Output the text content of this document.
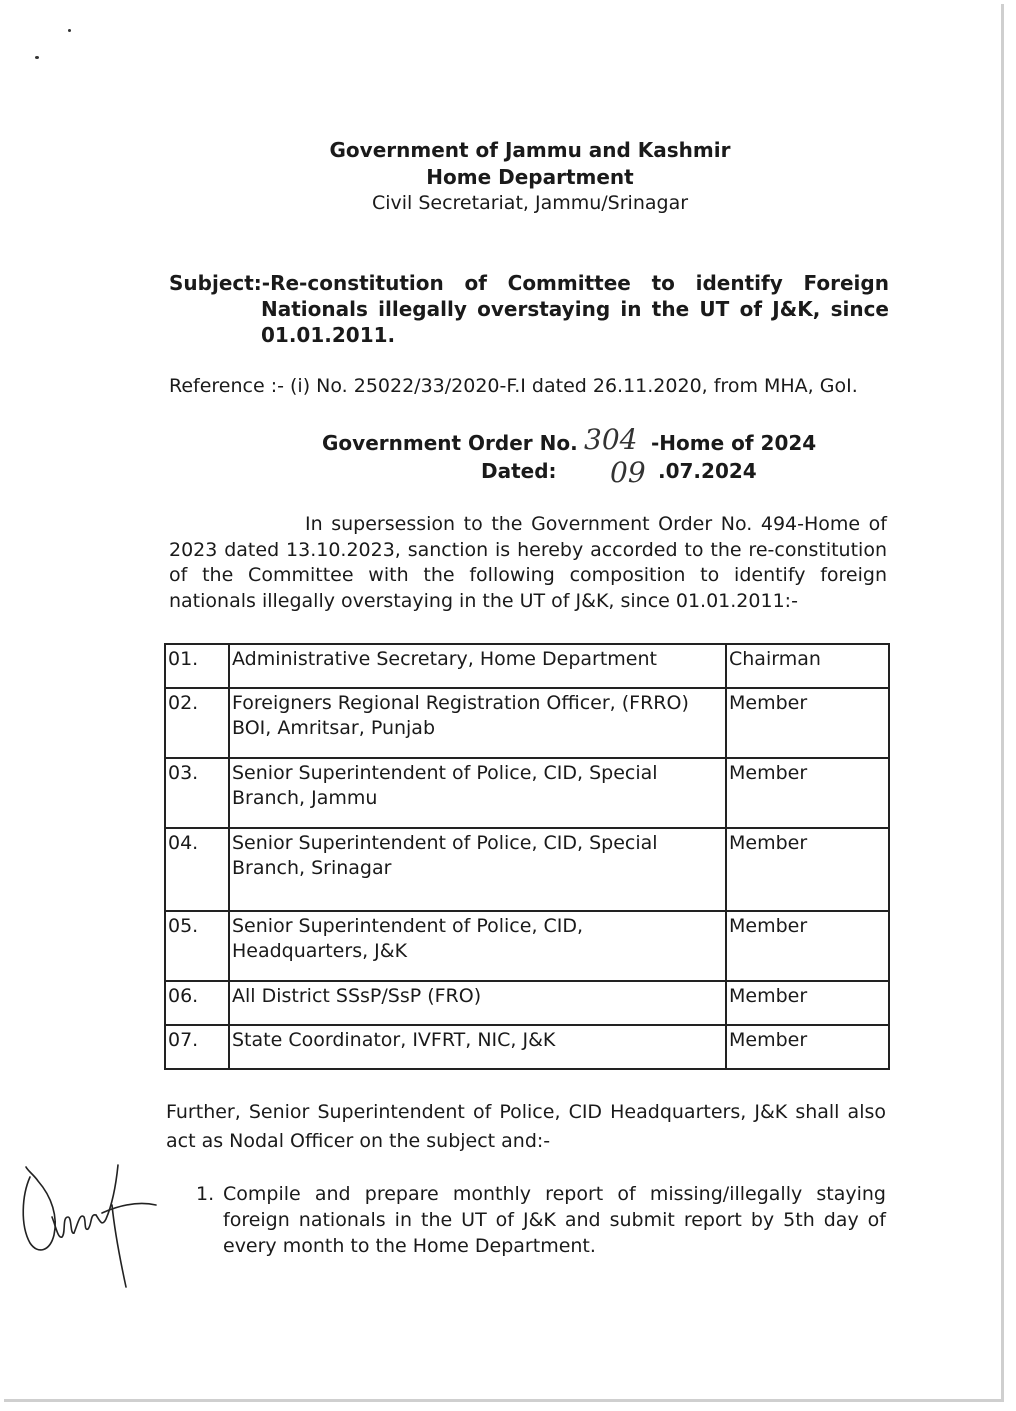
Government of Jammu and Kashmir
Home Department
Civil Secretariat, Jammu/Srinagar
Subject:-Re-constitution of Committee to identify Foreign
Nationals illegally overstaying in the UT of J&K, since
01.01.2011.
Reference :- (i) No. 25022/33/2020-F.I dated 26.11.2020, from MHA, GoI.
Government Order No. 304 -Home of 2024
Dated: 09 .07.2024
In supersession to the Government Order No. 494-Home of
2023 dated 13.10.2023, sanction is hereby accorded to the re-constitution
of the Committee with the following composition to identify foreign
nationals illegally overstaying in the UT of J&K, since 01.01.2011:-
01.	Administrative Secretary, Home Department	Chairman
02.	Foreigners Regional Registration Officer, (FRRO) BOI, Amritsar, Punjab	Member
03.	Senior Superintendent of Police, CID, Special Branch, Jammu	Member
04.	Senior Superintendent of Police, CID, Special Branch, Srinagar	Member
05.	Senior Superintendent of Police, CID, Headquarters, J&K	Member
06.	All District SSsP/SsP (FRO)	Member
07.	State Coordinator, IVFRT, NIC, J&K	Member
Further, Senior Superintendent of Police, CID Headquarters, J&K shall also
act as Nodal Officer on the subject and:-
1. Compile and prepare monthly report of missing/illegally staying
foreign nationals in the UT of J&K and submit report by 5th day of
every month to the Home Department.
